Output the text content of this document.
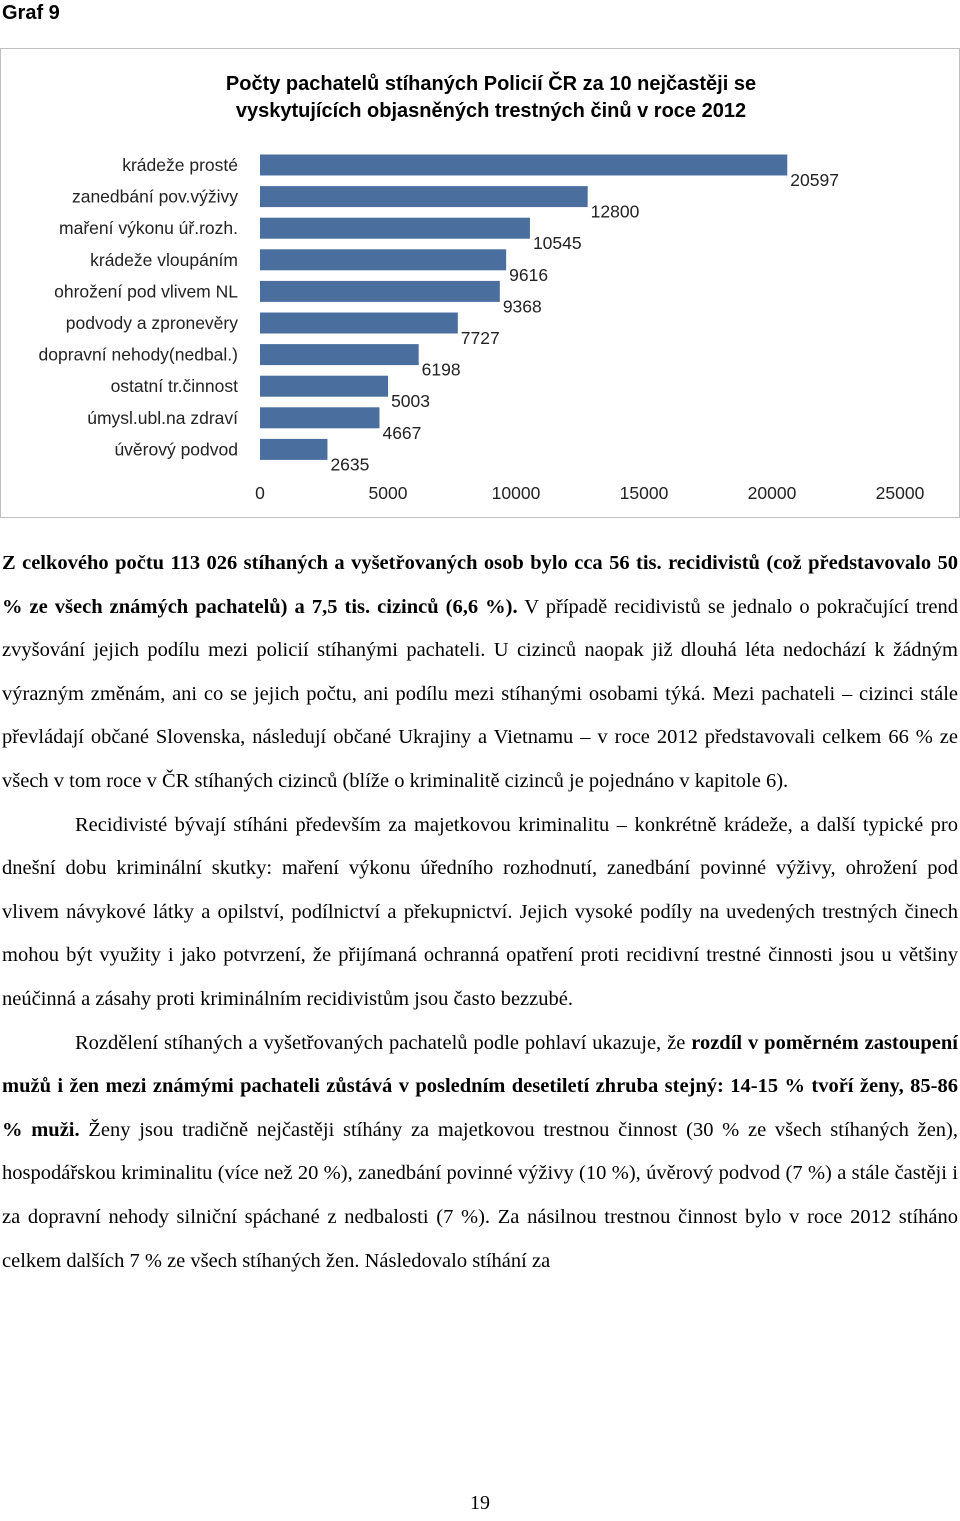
Graf 9
krádeže prosté
20597
zanedbání pov.výživy
12800
maření výkonu úř.rozh.
10545
krádeže vloupáním
9616
ohrožení pod vlivem NL
9368
podvody a zpronevěry
7727
dopravní nehody(nedbal.)
6198
ostatní tr.činnost
5003
úmysl.ubl.na zdraví
4667
úvěrový podvod
2635
0	5000	10000	15000	20000	25000
Počty pachatelů stíhaných Policií ČR za 10 nejčastěji se
vyskytujících objasněných trestných činů v roce 2012

Z celkového počtu 113 026 stíhaných a vyšetřovaných osob bylo cca 56 tis. recidivistů (což představovalo 50 % ze všech známých pachatelů) a 7,5 tis. cizinců (6,6 %). V případě recidivistů se jednalo o pokračující trend zvyšování jejich podílu mezi policií stíhanými pachateli. U cizinců naopak již dlouhá léta nedochází k žádným výrazným změnám, ani co se jejich počtu, ani podílu mezi stíhanými osobami týká. Mezi pachateli – cizinci stále převládají občané Slovenska, následují občané Ukrajiny a Vietnamu – v roce 2012 představovali celkem 66 % ze všech v tom roce v ČR stíhaných cizinců (blíže o kriminalitě cizinců je pojednáno v kapitole 6).

Recidivisté bývají stíháni především za majetkovou kriminalitu – konkrétně krádeže, a další typické pro dnešní dobu kriminální skutky: maření výkonu úředního rozhodnutí, zanedbání povinné výživy, ohrožení pod vlivem návykové látky a opilství, podílnictví a překupnictví. Jejich vysoké podíly na uvedených trestných činech mohou být využity i jako potvrzení, že přijímaná ochranná opatření proti recidivní trestné činnosti jsou u většiny neúčinná a zásahy proti kriminálním recidivistům jsou často bezzubé.

Rozdělení stíhaných a vyšetřovaných pachatelů podle pohlaví ukazuje, že rozdíl v poměrném zastoupení mužů i žen mezi známými pachateli zůstává v posledním desetiletí zhruba stejný: 14-15 % tvoří ženy, 85-86 % muži. Ženy jsou tradičně nejčastěji stíhány za majetkovou trestnou činnost (30 % ze všech stíhaných žen), hospodářskou kriminalitu (více než 20 %), zanedbání povinné výživy (10 %), úvěrový podvod (7 %) a stále častěji i za dopravní nehody silniční spáchané z nedbalosti (7 %). Za násilnou trestnou činnost bylo v roce 2012 stíháno celkem dalších 7 % ze všech stíhaných žen. Následovalo stíhání za

19
